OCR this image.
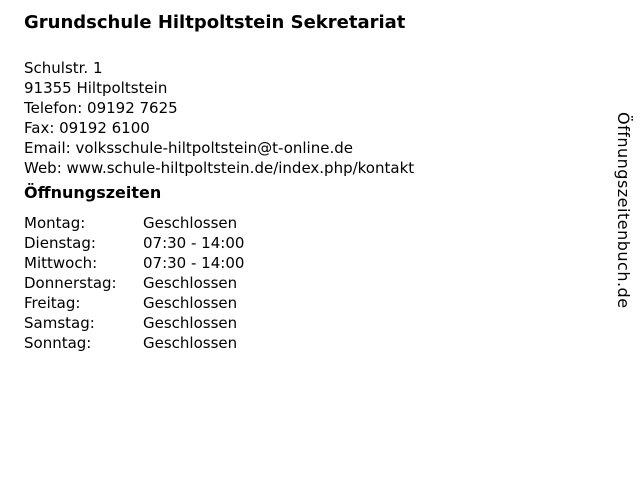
Grundschule Hiltpoltstein Sekretariat
Schulstr. 1
91355 Hiltpoltstein
Telefon: 09192 7625
Fax: 09192 6100
Email: volksschule-hiltpoltstein@t-online.de
Web: www.schule-hiltpoltstein.de/index.php/kontakt
Öffnungszeiten
Montag:	Geschlossen
Dienstag:	07:30 - 14:00
Mittwoch:	07:30 - 14:00
Donnerstag:	Geschlossen
Freitag:	Geschlossen
Samstag:	Geschlossen
Sonntag:	Geschlossen
Öffnungszeitenbuch.de
